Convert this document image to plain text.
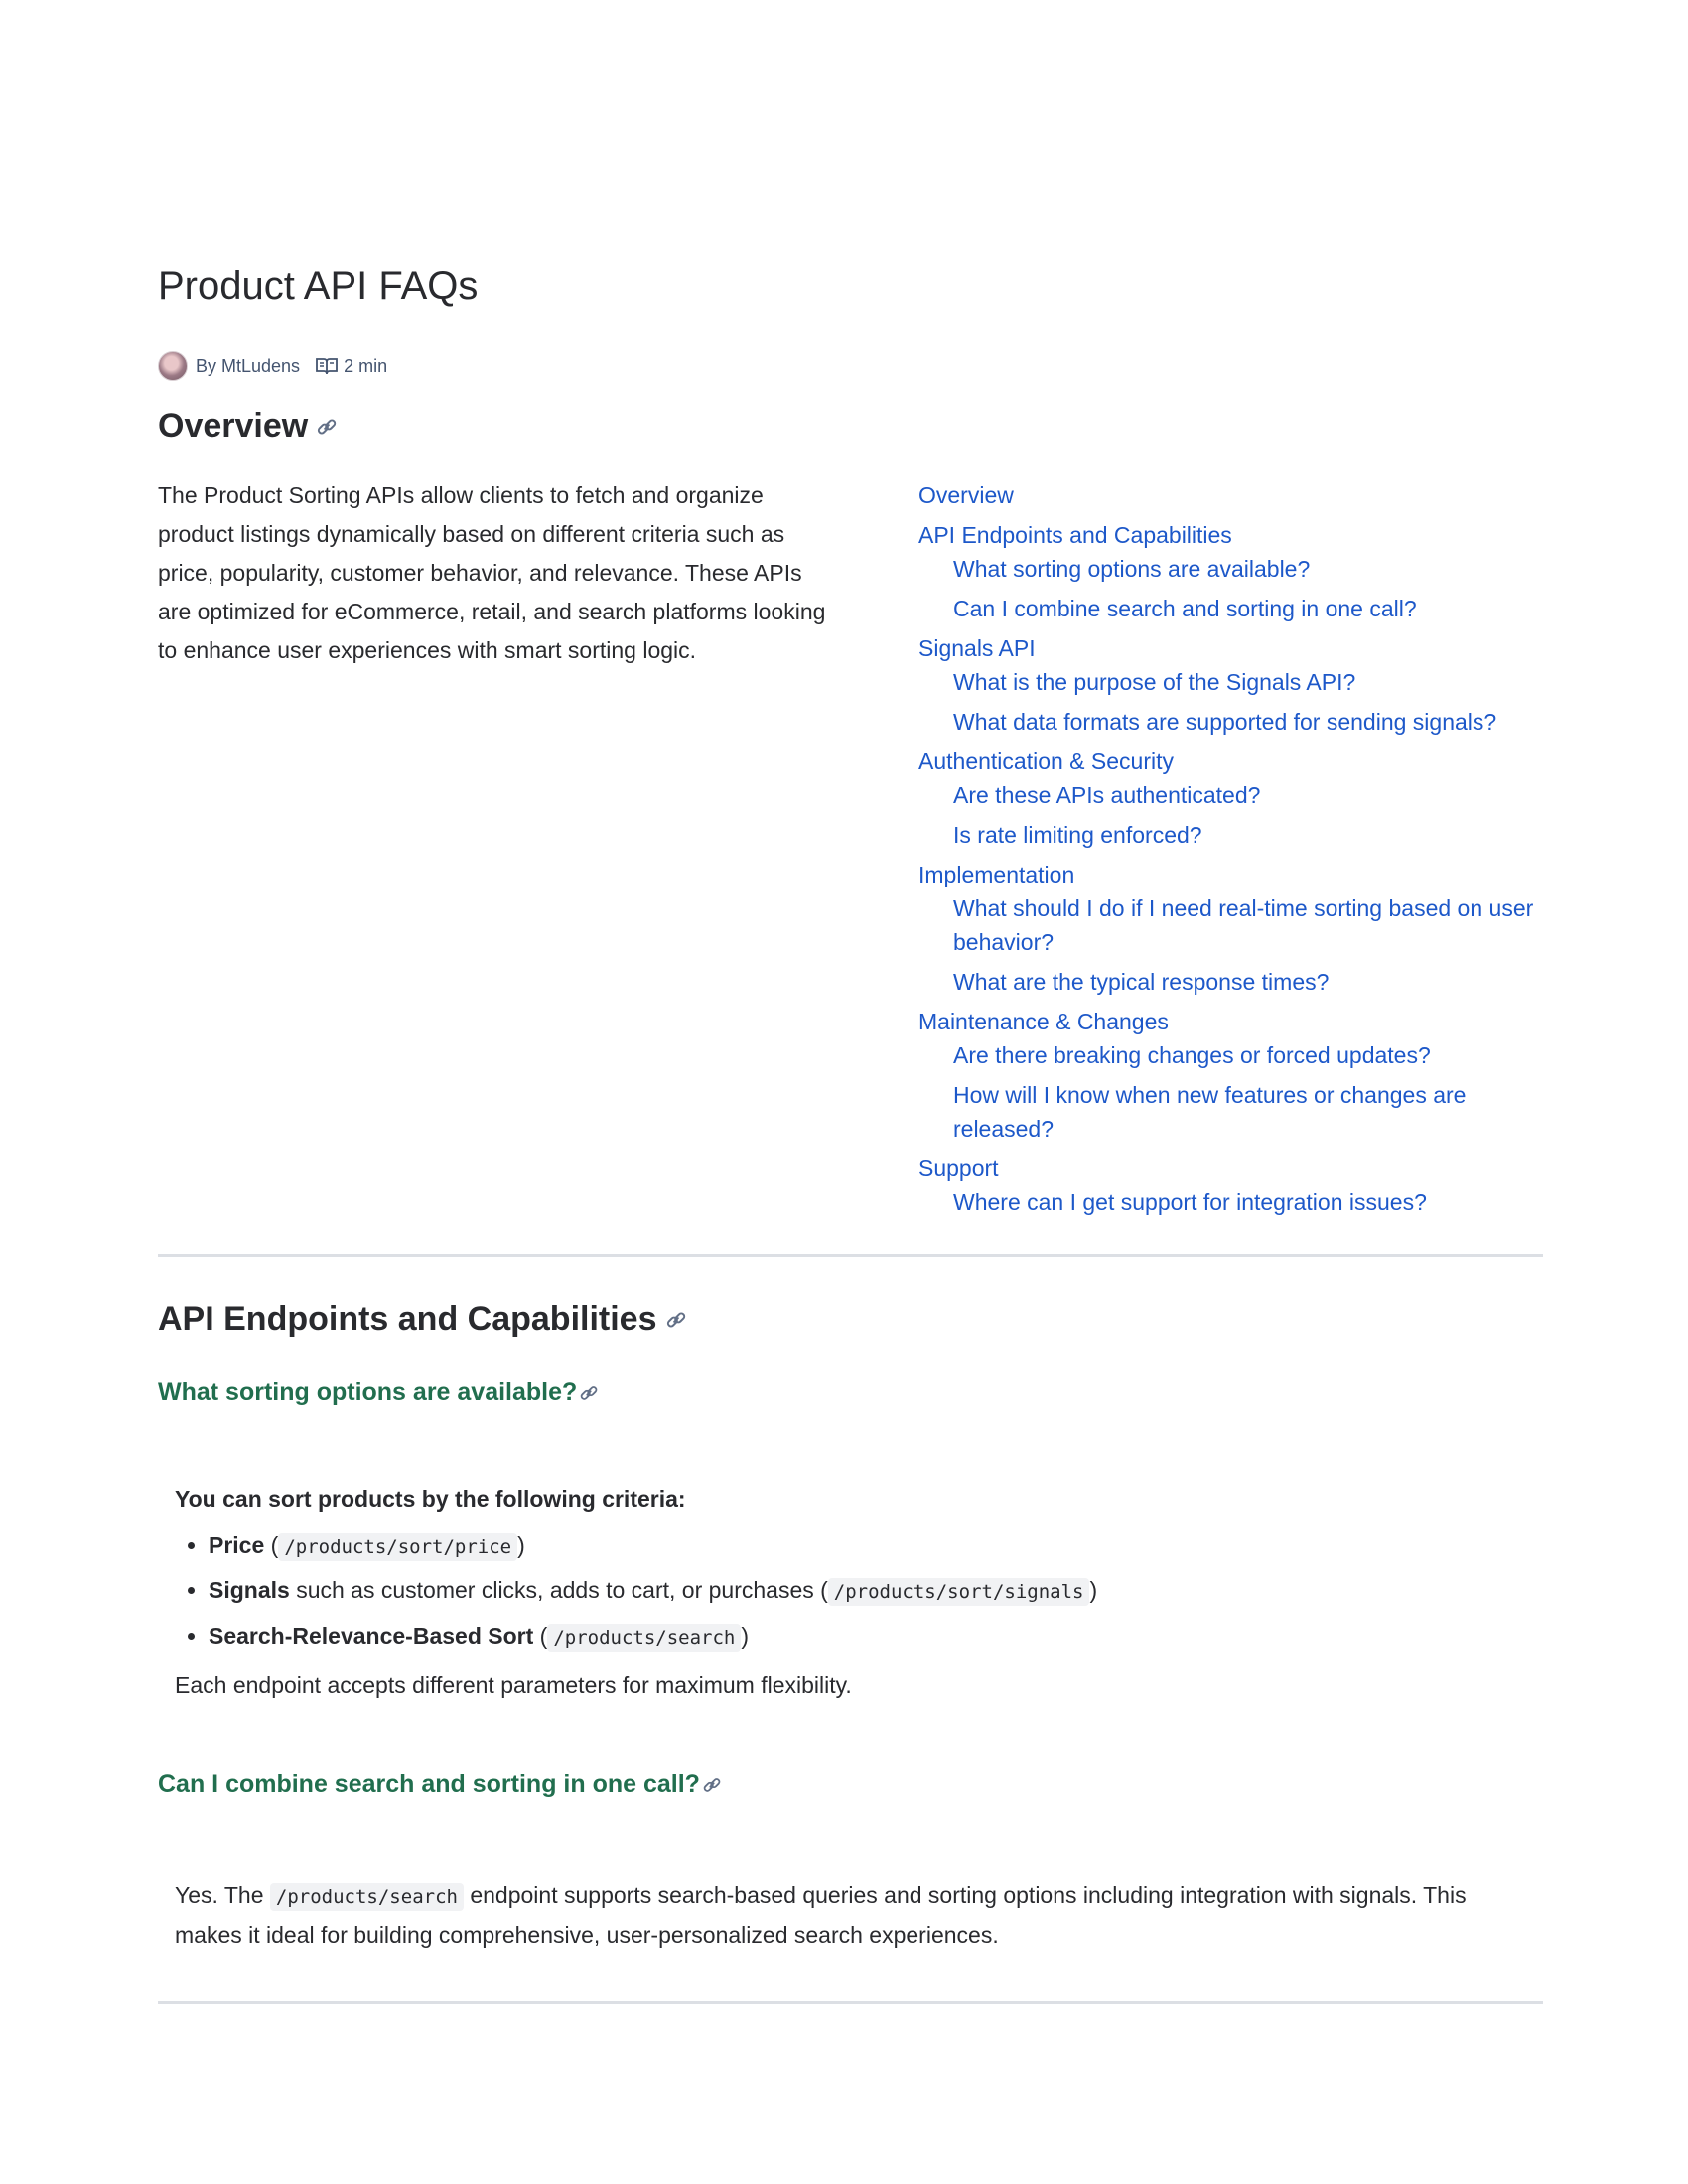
Product API FAQs
By MtLudens 2 min
Overview

The Product Sorting APIs allow clients to fetch and organize product listings dynamically based on different criteria such as price, popularity, customer behavior, and relevance. These APIs are optimized for eCommerce, retail, and search platforms looking to enhance user experiences with smart sorting logic.

Overview
API Endpoints and Capabilities
What sorting options are available?
Can I combine search and sorting in one call?
Signals API
What is the purpose of the Signals API?
What data formats are supported for sending signals?
Authentication & Security
Are these APIs authenticated?
Is rate limiting enforced?
Implementation
What should I do if I need real-time sorting based on user behavior?
What are the typical response times?
Maintenance & Changes
Are there breaking changes or forced updates?
How will I know when new features or changes are released?
Support
Where can I get support for integration issues?
API Endpoints and Capabilities
What sorting options are available?

You can sort products by the following criteria:

• Price ( /products/sort/price )
• Signals such as customer clicks, adds to cart, or purchases ( /products/sort/signals )
• Search-Relevance-Based Sort ( /products/search )

Each endpoint accepts different parameters for maximum flexibility.

Can I combine search and sorting in one call?

Yes. The /products/search endpoint supports search-based queries and sorting options including integration with signals. This makes it ideal for building comprehensive, user-personalized search experiences.
